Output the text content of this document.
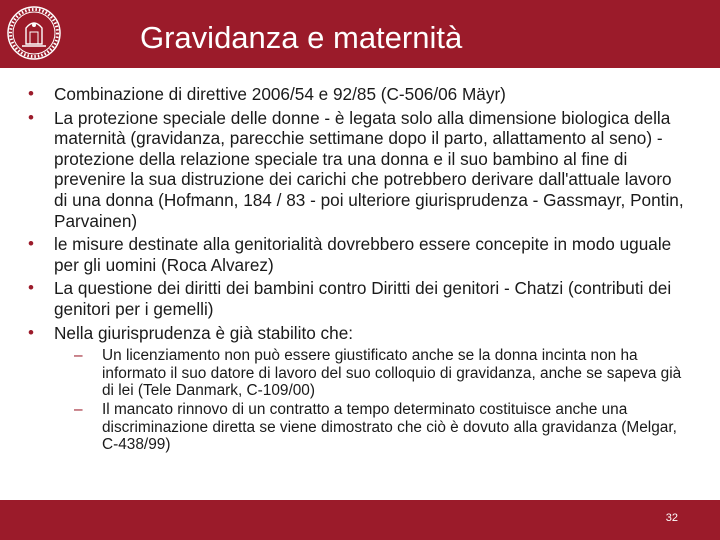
Gravidanza e maternità
• Combinazione di direttive 2006/54 e 92/85 (C-506/06 Mäyr)
• La protezione speciale delle donne - è legata solo alla dimensione biologica della maternità (gravidanza, parecchie settimane dopo il parto, allattamento al seno) - protezione della relazione speciale tra una donna e il suo bambino al fine di prevenire la sua distruzione dei carichi che potrebbero derivare dall'attuale lavoro di una donna (Hofmann, 184 / 83 - poi ulteriore giurisprudenza - Gassmayr, Pontin, Parvainen)
• le misure destinate alla genitorialità dovrebbero essere concepite in modo uguale per gli uomini (Roca Alvarez)
• La questione dei diritti dei bambini contro Diritti dei genitori - Chatzi (contributi dei genitori per i gemelli)
• Nella giurisprudenza è già stabilito che:
– Un licenziamento non può essere giustificato anche se la donna incinta non ha informato il suo datore di lavoro del suo colloquio di gravidanza, anche se sapeva già di lei (Tele Danmark, C-109/00)
– Il mancato rinnovo di un contratto a tempo determinato costituisce anche una discriminazione diretta se viene dimostrato che ciò è dovuto alla gravidanza (Melgar, C-438/99)
32
